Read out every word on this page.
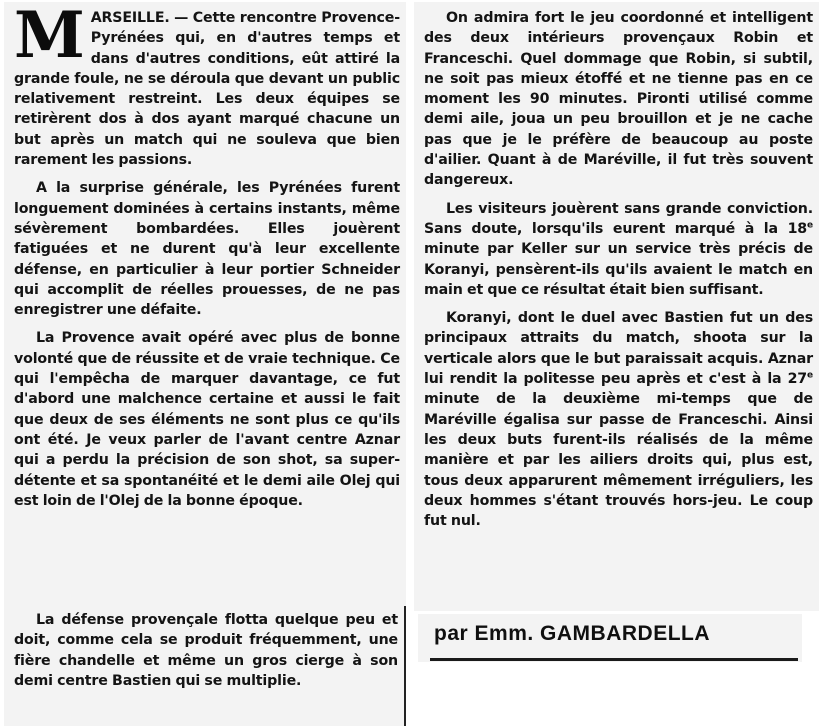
MARSEILLE. — Cette rencontre Provence-Pyrénées qui, en d'autres temps et dans d'autres conditions, eût attiré la grande foule, ne se déroula que devant un public relativement restreint. Les deux équipes se retirèrent dos à dos ayant marqué chacune un but après un match qui ne souleva que bien rarement les passions.

A la surprise générale, les Pyrénées furent longuement dominées à certains instants, même sévèrement bombardées. Elles jouèrent fatiguées et ne durent qu'à leur excellente défense, en particulier à leur portier Schneider qui accomplit de réelles prouesses, de ne pas enregistrer une défaite.

La Provence avait opéré avec plus de bonne volonté que de réussite et de vraie technique. Ce qui l'empêcha de marquer davantage, ce fut d'abord une malchence certaine et aussi le fait que deux de ses éléments ne sont plus ce qu'ils ont été. Je veux parler de l'avant centre Aznar qui a perdu la précision de son shot, sa super-détente et sa spontanéité et le demi aile Olej qui est loin de l'Olej de la bonne époque.

La défense provençale flotta quelque peu et doit, comme cela se produit fréquemment, une fière chandelle et même un gros cierge à son demi centre Bastien qui se multiplie.

On admira fort le jeu coordonné et intelligent des deux intérieurs provençaux Robin et Franceschi. Quel dommage que Robin, si subtil, ne soit pas mieux étoffé et ne tienne pas en ce moment les 90 minutes. Pironti utilisé comme demi aile, joua un peu brouillon et je ne cache pas que je le préfère de beaucoup au poste d'ailier. Quant à de Maréville, il fut très souvent dangereux.

Les visiteurs jouèrent sans grande conviction. Sans doute, lorsqu'ils eurent marqué à la 18e minute par Keller sur un service très précis de Koranyi, pensèrent-ils qu'ils avaient le match en main et que ce résultat était bien suffisant.

Koranyi, dont le duel avec Bastien fut un des principaux attraits du match, shoota sur la verticale alors que le but paraissait acquis. Aznar lui rendit la politesse peu après et c'est à la 27e minute de la deuxième mi-temps que de Maréville égalisa sur passe de Franceschi. Ainsi les deux buts furent-ils réalisés de la même manière et par les ailiers droits qui, plus est, tous deux apparurent mêmement irréguliers, les deux hommes s'étant trouvés hors-jeu. Le coup fut nul.

par Emm. GAMBARDELLA
